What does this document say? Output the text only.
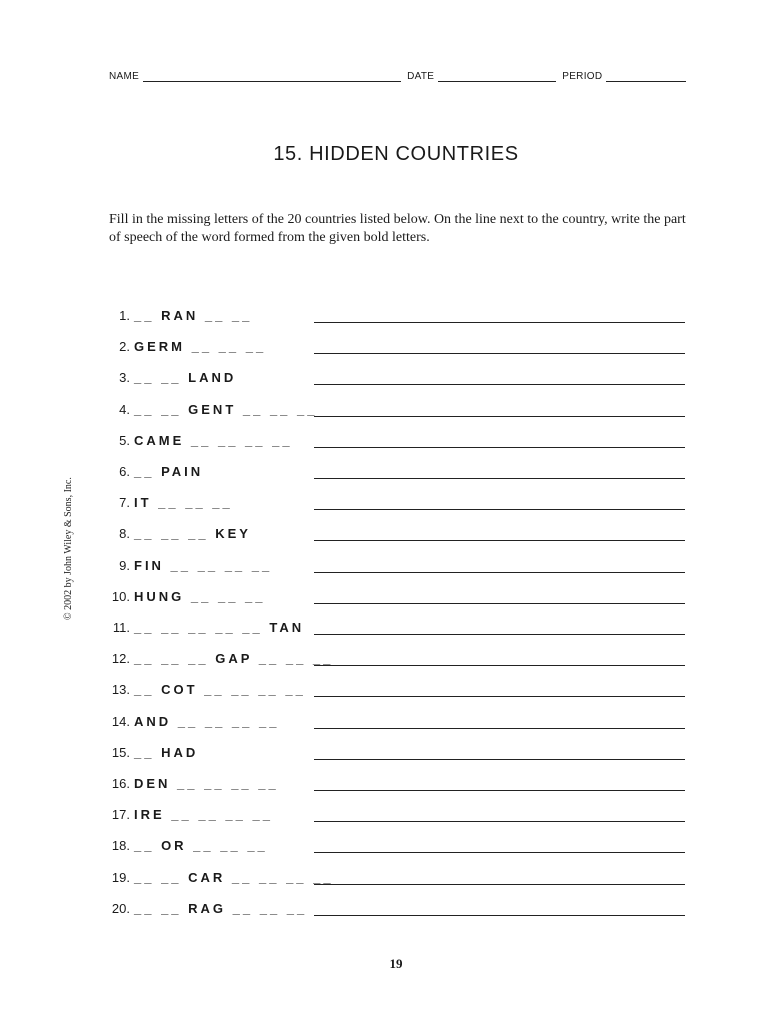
NAME	DATE	PERIOD
15. HIDDEN COUNTRIES
Fill in the missing letters of the 20 countries listed below. On the line next to the country, write the part of speech of the word formed from the given bold letters.
1. __ RAN __ __
2. GERM __ __ __
3. __ __ LAND
4. __ __ GENT __ __ __
5. CAME __ __ __ __
6. __ PAIN
7. IT __ __ __
8. __ __ __ KEY
9. FIN __ __ __ __
10. HUNG __ __ __
11. __ __ __ __ __ TAN
12. __ __ __ GAP __ __ __
13. __ COT __ __ __ __
14. AND __ __ __ __
15. __ HAD
16. DEN __ __ __ __
17. IRE __ __ __ __
18. __ OR __ __ __
19. __ __ CAR __ __ __ __
20. __ __ RAG __ __ __
© 2002 by John Wiley & Sons, Inc.
19
